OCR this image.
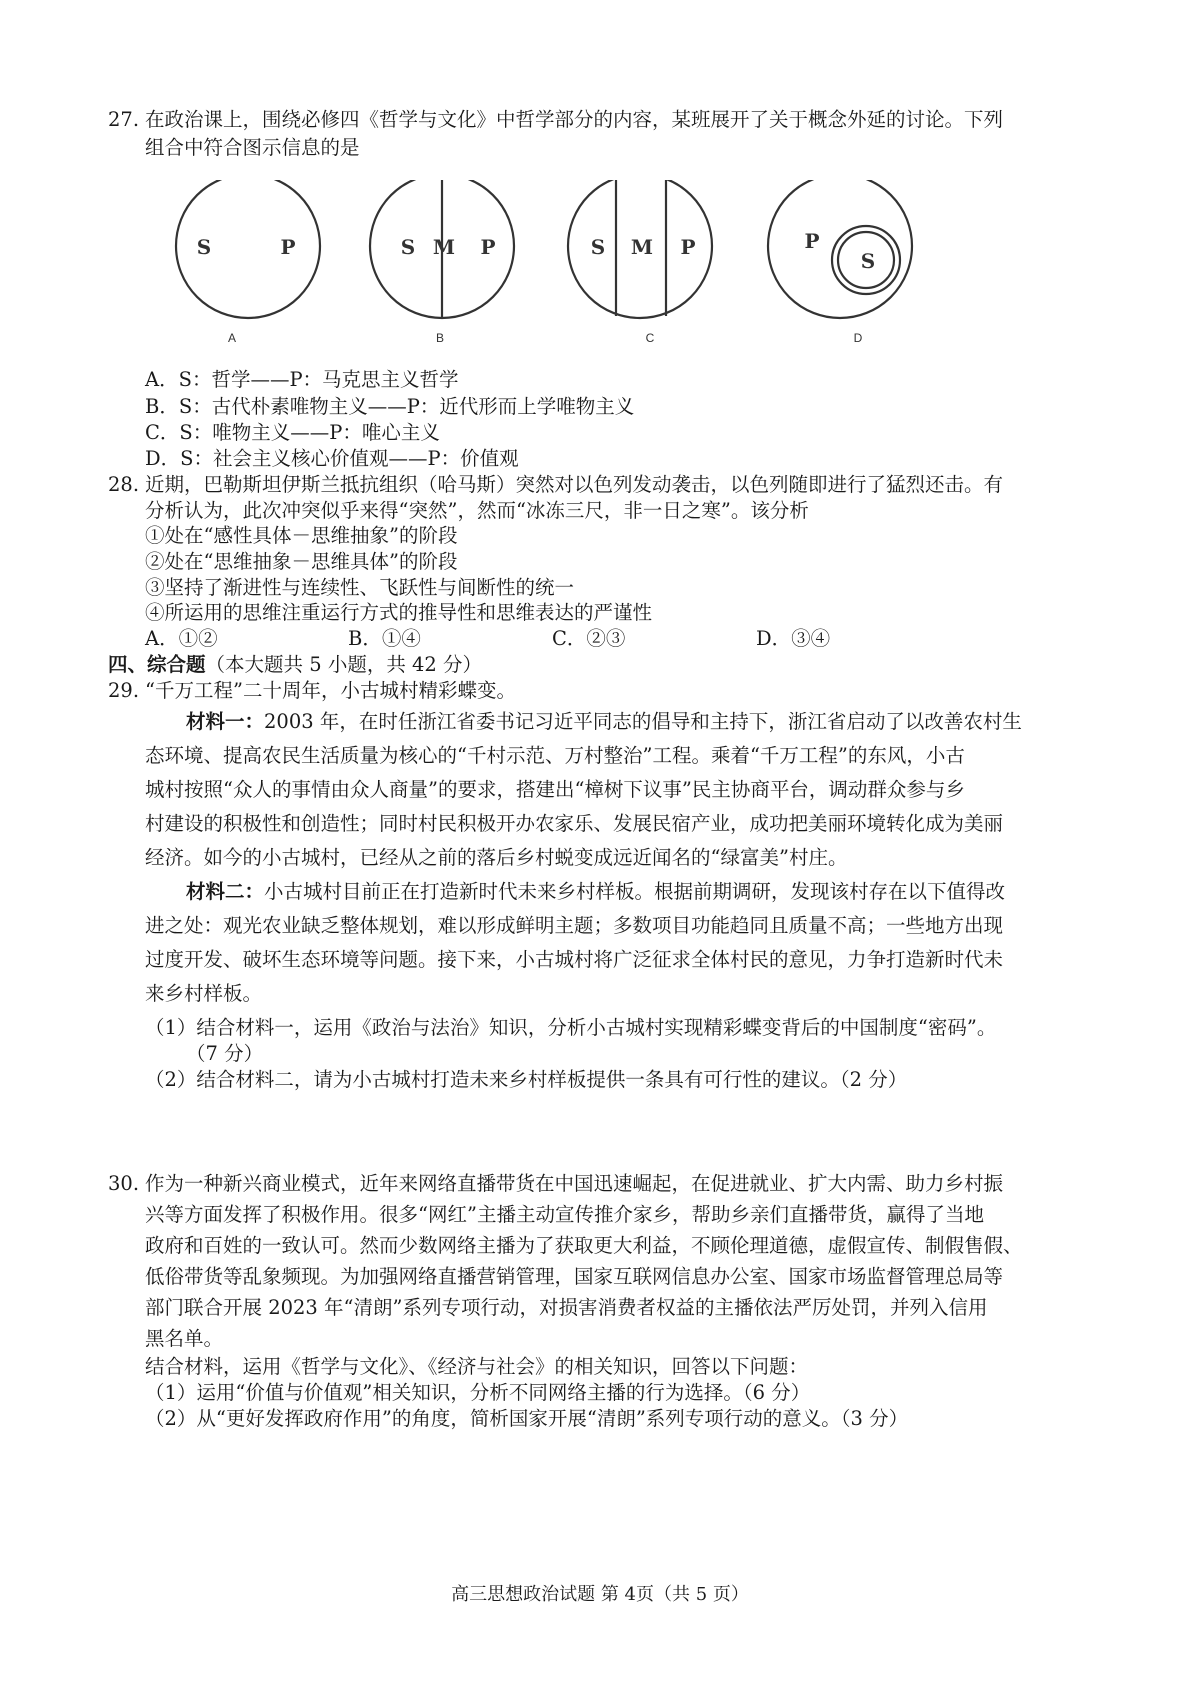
27. 在政治课上，围绕必修四《哲学与文化》中哲学部分的内容，某班展开了关于概念外延的讨论。下列
组合中符合图示信息的是
S	P	S M P	S M P	P
S
A	B	C	D
A．S：哲学——P：马克思主义哲学
B．S：古代朴素唯物主义——P：近代形而上学唯物主义
C．S：唯物主义——P：唯心主义
D．S：社会主义核心价值观——P：价值观
28. 近期，巴勒斯坦伊斯兰抵抗组织（哈马斯）突然对以色列发动袭击，以色列随即进行了猛烈还击。有
分析认为，此次冲突似乎来得“突然”，然而“冰冻三尺，非一日之寒”。该分析
①处在“感性具体－思维抽象”的阶段
②处在“思维抽象－思维具体”的阶段
③坚持了渐进性与连续性、飞跃性与间断性的统一
④所运用的思维注重运行方式的推导性和思维表达的严谨性
A．①②	B．①④	C．②③	D．③④
四、综合题（本大题共 5 小题，共 42 分）
29. “千万工程”二十周年，小古城村精彩蝶变。
材料一：2003 年，在时任浙江省委书记习近平同志的倡导和主持下，浙江省启动了以改善农村生
态环境、提高农民生活质量为核心的“千村示范、万村整治”工程。乘着“千万工程”的东风，小古
城村按照“众人的事情由众人商量”的要求，搭建出“樟树下议事”民主协商平台，调动群众参与乡
村建设的积极性和创造性；同时村民积极开办农家乐、发展民宿产业，成功把美丽环境转化成为美丽
经济。如今的小古城村，已经从之前的落后乡村蜕变成远近闻名的“绿富美”村庄。
材料二：小古城村目前正在打造新时代未来乡村样板。根据前期调研，发现该村存在以下值得改
进之处：观光农业缺乏整体规划，难以形成鲜明主题；多数项目功能趋同且质量不高；一些地方出现
过度开发、破坏生态环境等问题。接下来，小古城村将广泛征求全体村民的意见，力争打造新时代未
来乡村样板。
（1）结合材料一，运用《政治与法治》知识，分析小古城村实现精彩蝶变背后的中国制度“密码”。
（7 分）
（2）结合材料二，请为小古城村打造未来乡村样板提供一条具有可行性的建议。（2 分）
30. 作为一种新兴商业模式，近年来网络直播带货在中国迅速崛起，在促进就业、扩大内需、助力乡村振
兴等方面发挥了积极作用。很多“网红”主播主动宣传推介家乡，帮助乡亲们直播带货，赢得了当地
政府和百姓的一致认可。然而少数网络主播为了获取更大利益，不顾伦理道德，虚假宣传、制假售假、
低俗带货等乱象频现。为加强网络直播营销管理，国家互联网信息办公室、国家市场监督管理总局等
部门联合开展 2023 年“清朗”系列专项行动，对损害消费者权益的主播依法严厉处罚，并列入信用
黑名单。
结合材料，运用《哲学与文化》、《经济与社会》的相关知识，回答以下问题：
（1）运用“价值与价值观”相关知识，分析不同网络主播的行为选择。（6 分）
（2）从“更好发挥政府作用”的角度，简析国家开展“清朗”系列专项行动的意义。（3 分）
高三思想政治试题 第 4页（共 5 页）
